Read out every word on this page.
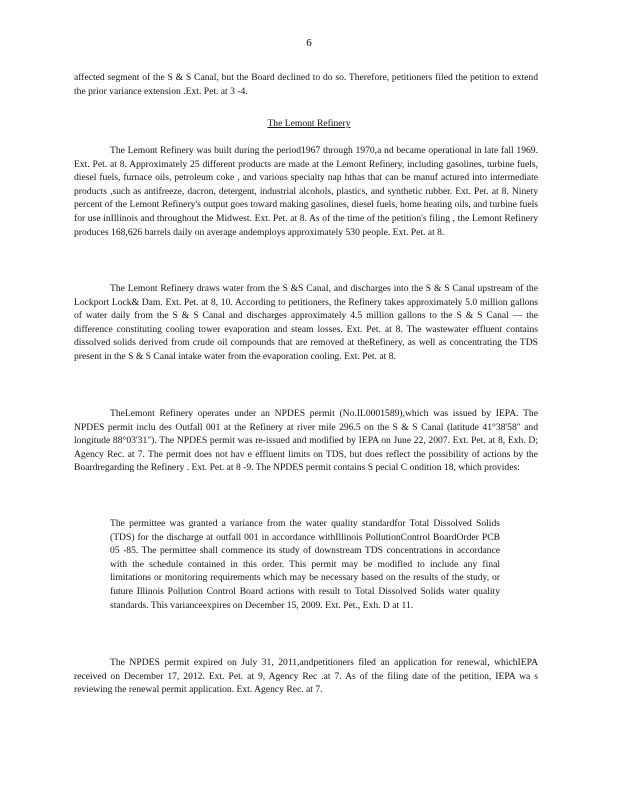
6

affected segment of the S & S Canal, but the Board declined to do so. Therefore, petitioners filed the petition to extend the prior variance extension .Ext. Pet. at 3 -4.

The Lemont Refinery

The Lemont Refinery was built during the period1967 through 1970,a nd became operational in late fall 1969. Ext. Pet. at 8. Approximately 25 different products are made at the Lemont Refinery, including gasolines, turbine fuels, diesel fuels, furnace oils, petroleum coke , and various specialty nap hthas that can be manuf actured into intermediate products ,such as antifreeze, dacron, detergent, industrial alcohols, plastics, and synthetic rubber. Ext. Pet. at 8. Ninety percent of the Lemont Refinery's output goes toward making gasolines, diesel fuels, home heating oils, and turbine fuels for use inIllinois and throughout the Midwest. Ext. Pet. at 8. As of the time of the petition's filing , the Lemont Refinery produces 168,626 barrels daily on average andemploys approximately 530 people. Ext. Pet. at 8.

The Lemont Refinery draws water from the S &S Canal, and discharges into the S & S Canal upstream of the Lockport Lock& Dam. Ext. Pet. at 8, 10. According to petitioners, the Refinery takes approximately 5.0 million gallons of water daily from the S & S Canal and discharges approximately 4.5 million gallons to the S & S Canal — the difference constituting cooling tower evaporation and steam losses. Ext. Pet. at 8. The wastewater effluent contains dissolved solids derived from crude oil compounds that are removed at theRefinery, as well as concentrating the TDS present in the S & S Canal intake water from the evaporation cooling. Ext. Pet. at 8.

TheLemont Refinery operates under an NPDES permit (No.IL0001589),which was issued by IEPA. The NPDES permit inclu des Outfall 001 at the Refinery at river mile 296.5 on the S & S Canal (latitude 41°38'58" and longitude 88°03'31"). The NPDES permit was re-issued and modified by IEPA on June 22, 2007. Ext. Pet. at 8, Exh. D; Agency Rec. at 7. The permit does not hav e effluent limits on TDS, but does reflect the possibility of actions by the Boardregarding the Refinery . Ext. Pet. at 8 -9. The NPDES permit contains S pecial C ondition 18, which provides:

The permittee was granted a variance from the water quality standardfor Total Dissolved Solids (TDS) for the discharge at outfall 001 in accordance withIllinois PollutionControl BoardOrder PCB 05 -85. The permittee shall commence its study of downstream TDS concentrations in accordance with the schedule contained in this order. This permit may be modified to include any final limitations or monitoring requirements which may be necessary based on the results of the study, or future Illinois Pollution Control Board actions with result to Total Dissolved Solids water quality standards. This varianceexpires on December 15, 2009. Ext. Pet., Exh. D at 11.

The NPDES permit expired on July 31, 2011,andpetitioners filed an application for renewal, whichIEPA received on December 17, 2012. Ext. Pet. at 9, Agency Rec .at 7. As of the filing date of the petition, IEPA wa s reviewing the renewal permit application. Ext. Agency Rec. at 7.
